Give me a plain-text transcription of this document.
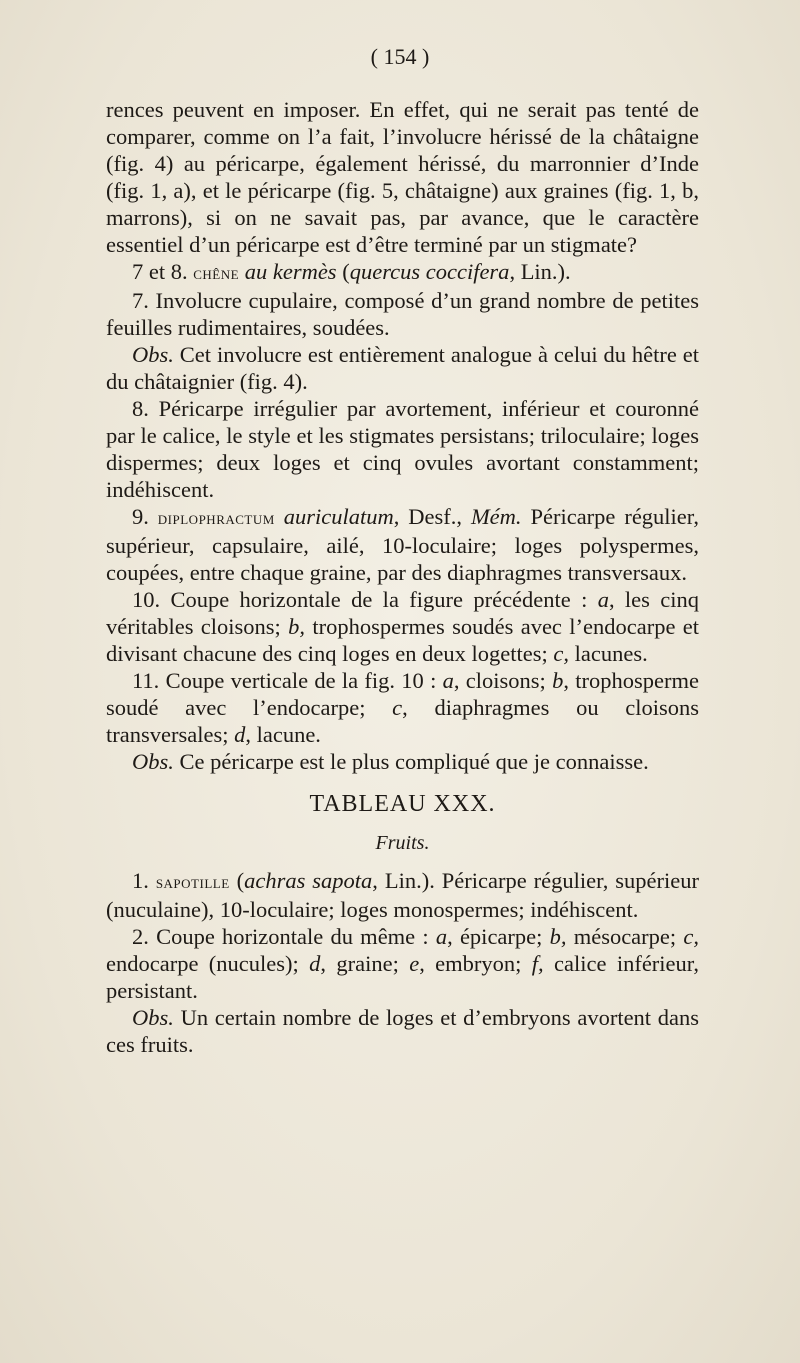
( 154 )

rences peuvent en imposer. En effet, qui ne serait pas tenté de comparer, comme on l’a fait, l’involucre hérissé de la châtaigne (fig. 4) au péricarpe, également hérissé, du marronnier d’Inde (fig. 1, a), et le péricarpe (fig. 5, châtaigne) aux graines (fig. 1, b, marrons), si on ne savait pas, par avance, que le caractère essentiel d’un péricarpe est d’être terminé par un stigmate?

7 et 8. chêne au kermès (quercus coccifera, Lin.).

7. Involucre cupulaire, composé d’un grand nombre de petites feuilles rudimentaires, soudées.

Obs. Cet involucre est entièrement analogue à celui du hêtre et du châtaignier (fig. 4).

8. Péricarpe irrégulier par avortement, inférieur et couronné par le calice, le style et les stigmates persistans; triloculaire; loges dispermes; deux loges et cinq ovules avortant constamment; indéhiscent.

9. diplophractum auriculatum, Desf., Mém. Péricarpe régulier, supérieur, capsulaire, ailé, 10-loculaire; loges polyspermes, coupées, entre chaque graine, par des diaphragmes transversaux.

10. Coupe horizontale de la figure précédente : a, les cinq véritables cloisons; b, trophospermes soudés avec l’endocarpe et divisant chacune des cinq loges en deux logettes; c, lacunes.

11. Coupe verticale de la fig. 10 : a, cloisons; b, trophosperme soudé avec l’endocarpe; c, diaphragmes ou cloisons transversales; d, lacune.

Obs. Ce péricarpe est le plus compliqué que je connaisse.

TABLEAU XXX.

Fruits.

1. sapotille (achras sapota, Lin.). Péricarpe régulier, supérieur (nuculaine), 10-loculaire; loges monospermes; indéhiscent.

2. Coupe horizontale du même : a, épicarpe; b, mésocarpe; c, endocarpe (nucules); d, graine; e, embryon; f, calice inférieur, persistant.

Obs. Un certain nombre de loges et d’embryons avortent dans ces fruits.
